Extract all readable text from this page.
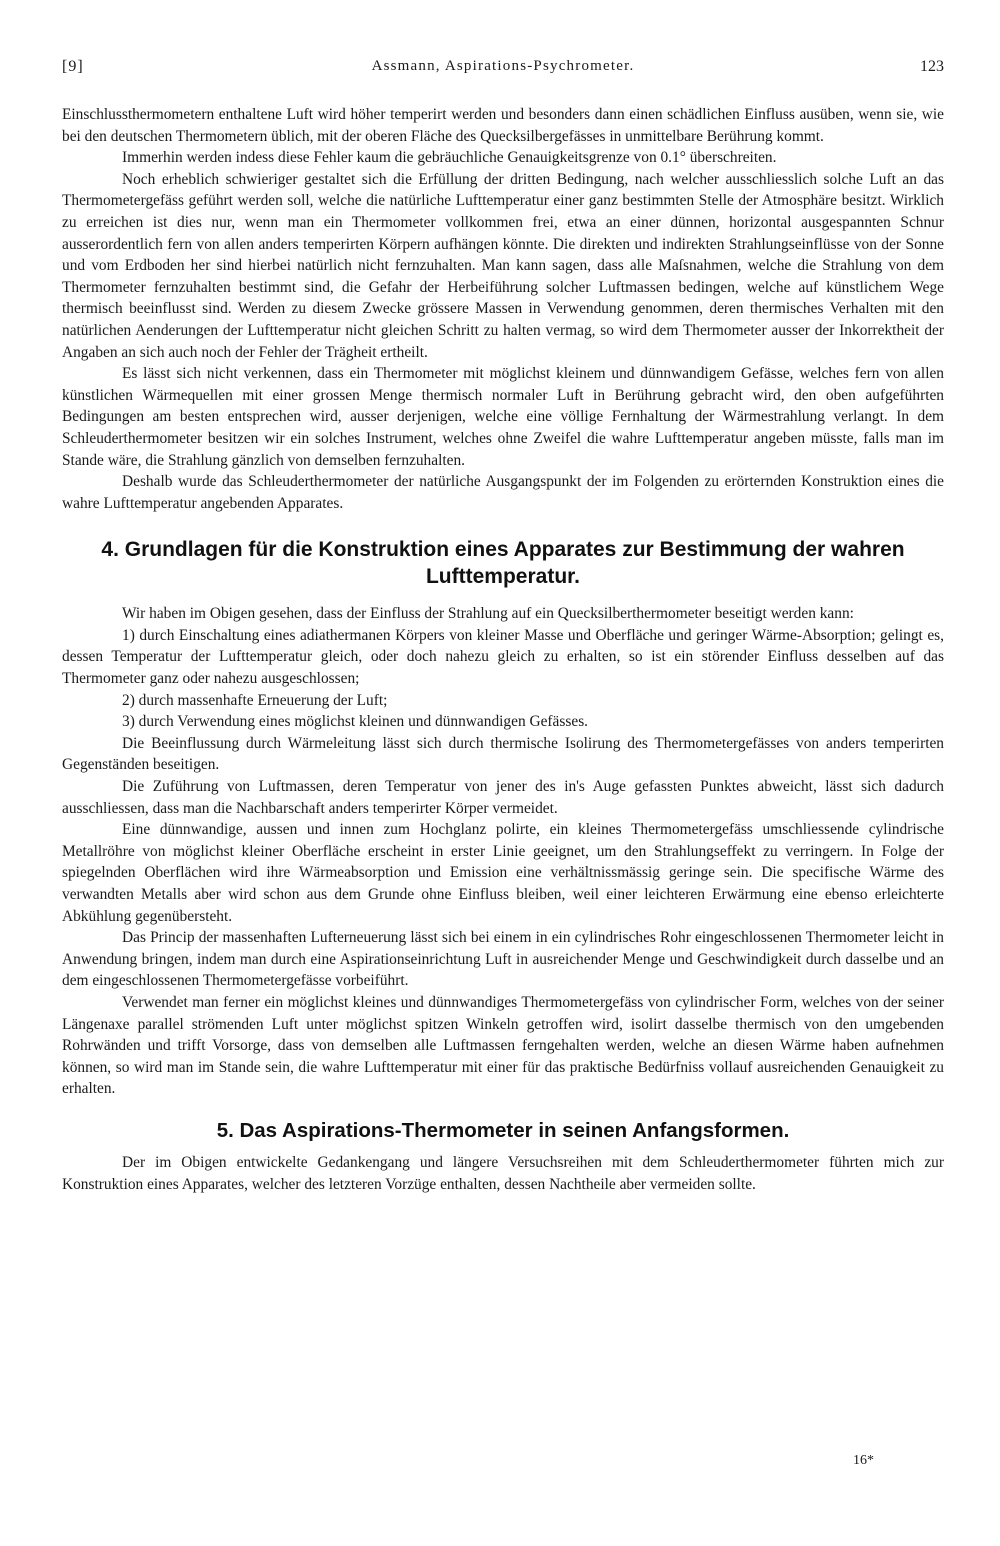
[9]	Assmann, Aspirations-Psychrometer.	123

Einschlussthermometern enthaltene Luft wird höher temperirt werden und besonders dann einen schädlichen Einfluss ausüben, wenn sie, wie bei den deutschen Thermometern üblich, mit der oberen Fläche des Quecksilbergefässes in unmittelbare Berührung kommt.

Immerhin werden indess diese Fehler kaum die gebräuchliche Genauigkeitsgrenze von 0.1° überschreiten.

Noch erheblich schwieriger gestaltet sich die Erfüllung der dritten Bedingung, nach welcher ausschliesslich solche Luft an das Thermometergefäss geführt werden soll, welche die natürliche Lufttemperatur einer ganz bestimmten Stelle der Atmosphäre besitzt. Wirklich zu erreichen ist dies nur, wenn man ein Thermometer vollkommen frei, etwa an einer dünnen, horizontal ausgespannten Schnur ausserordentlich fern von allen anders temperirten Körpern aufhängen könnte. Die direkten und indirekten Strahlungseinflüsse von der Sonne und vom Erdboden her sind hierbei natürlich nicht fernzuhalten. Man kann sagen, dass alle Maſsnahmen, welche die Strahlung von dem Thermometer fernzuhalten bestimmt sind, die Gefahr der Herbeiführung solcher Luftmassen bedingen, welche auf künstlichem Wege thermisch beeinflusst sind. Werden zu diesem Zwecke grössere Massen in Verwendung genommen, deren thermisches Verhalten mit den natürlichen Aenderungen der Lufttemperatur nicht gleichen Schritt zu halten vermag, so wird dem Thermometer ausser der Inkorrektheit der Angaben an sich auch noch der Fehler der Trägheit ertheilt.

Es lässt sich nicht verkennen, dass ein Thermometer mit möglichst kleinem und dünnwandigem Gefässe, welches fern von allen künstlichen Wärmequellen mit einer grossen Menge thermisch normaler Luft in Berührung gebracht wird, den oben aufgeführten Bedingungen am besten entsprechen wird, ausser derjenigen, welche eine völlige Fernhaltung der Wärmestrahlung verlangt. In dem Schleuderthermometer besitzen wir ein solches Instrument, welches ohne Zweifel die wahre Lufttemperatur angeben müsste, falls man im Stande wäre, die Strahlung gänzlich von demselben fernzuhalten.

Deshalb wurde das Schleuderthermometer der natürliche Ausgangspunkt der im Folgenden zu erörternden Konstruktion eines die wahre Lufttemperatur angebenden Apparates.

4. Grundlagen für die Konstruktion eines Apparates zur Bestimmung der wahren Lufttemperatur.

Wir haben im Obigen gesehen, dass der Einfluss der Strahlung auf ein Quecksilberthermometer beseitigt werden kann:

1) durch Einschaltung eines adiathermanen Körpers von kleiner Masse und Oberfläche und geringer Wärme-Absorption; gelingt es, dessen Temperatur der Lufttemperatur gleich, oder doch nahezu gleich zu erhalten, so ist ein störender Einfluss desselben auf das Thermometer ganz oder nahezu ausgeschlossen;

2) durch massenhafte Erneuerung der Luft;

3) durch Verwendung eines möglichst kleinen und dünnwandigen Gefässes.

Die Beeinflussung durch Wärmeleitung lässt sich durch thermische Isolirung des Thermometergefässes von anders temperirten Gegenständen beseitigen.

Die Zuführung von Luftmassen, deren Temperatur von jener des in's Auge gefassten Punktes abweicht, lässt sich dadurch ausschliessen, dass man die Nachbarschaft anders temperirter Körper vermeidet.

Eine dünnwandige, aussen und innen zum Hochglanz polirte, ein kleines Thermometergefäss umschliessende cylindrische Metallröhre von möglichst kleiner Oberfläche erscheint in erster Linie geeignet, um den Strahlungseffekt zu verringern. In Folge der spiegelnden Oberflächen wird ihre Wärmeabsorption und Emission eine verhältnissmässig geringe sein. Die specifische Wärme des verwandten Metalls aber wird schon aus dem Grunde ohne Einfluss bleiben, weil einer leichteren Erwärmung eine ebenso erleichterte Abkühlung gegenübersteht.

Das Princip der massenhaften Lufterneuerung lässt sich bei einem in ein cylindrisches Rohr eingeschlossenen Thermometer leicht in Anwendung bringen, indem man durch eine Aspirationseinrichtung Luft in ausreichender Menge und Geschwindigkeit durch dasselbe und an dem eingeschlossenen Thermometergefässe vorbeiführt.

Verwendet man ferner ein möglichst kleines und dünnwandiges Thermometergefäss von cylindrischer Form, welches von der seiner Längenaxe parallel strömenden Luft unter möglichst spitzen Winkeln getroffen wird, isolirt dasselbe thermisch von den umgebenden Rohrwänden und trifft Vorsorge, dass von demselben alle Luftmassen ferngehalten werden, welche an diesen Wärme haben aufnehmen können, so wird man im Stande sein, die wahre Lufttemperatur mit einer für das praktische Bedürfniss vollauf ausreichenden Genauigkeit zu erhalten.

5. Das Aspirations-Thermometer in seinen Anfangsformen.

Der im Obigen entwickelte Gedankengang und längere Versuchsreihen mit dem Schleuderthermometer führten mich zur Konstruktion eines Apparates, welcher des letzteren Vorzüge enthalten, dessen Nachtheile aber vermeiden sollte.

16*
